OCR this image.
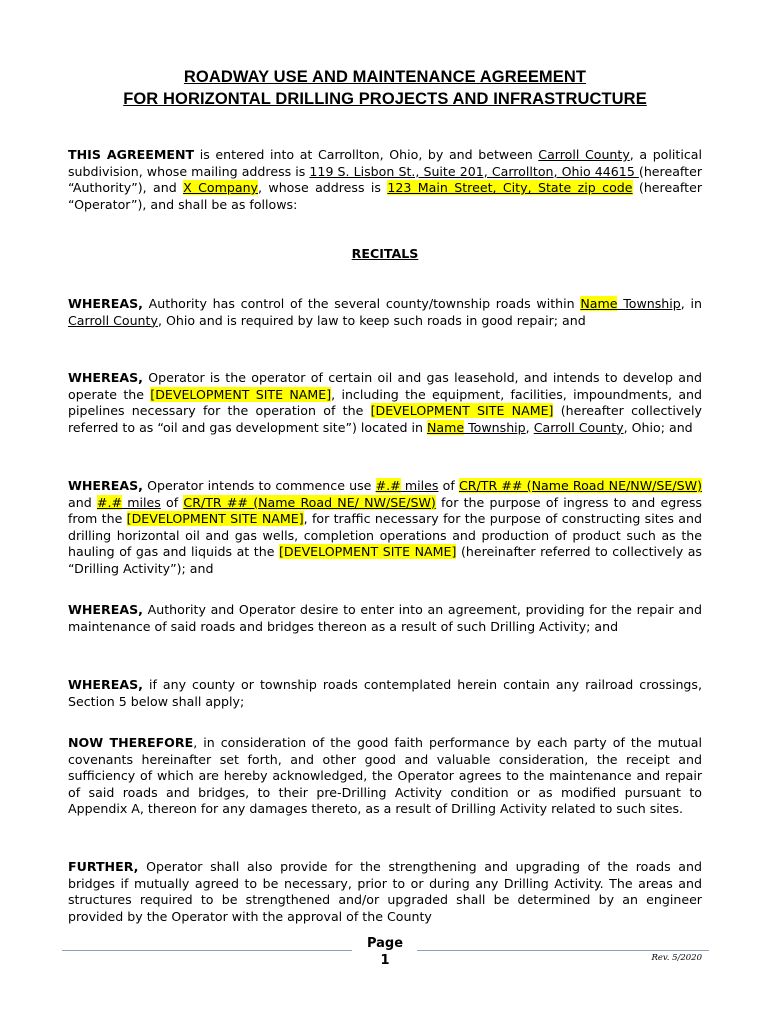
ROADWAY USE AND MAINTENANCE AGREEMENT
FOR HORIZONTAL DRILLING PROJECTS AND INFRASTRUCTURE
THIS AGREEMENT is entered into at Carrollton, Ohio, by and between Carroll County, a political subdivision, whose mailing address is 119 S. Lisbon St., Suite 201, Carrollton, Ohio 44615 (hereafter “Authority”), and X Company, whose address is 123 Main Street, City, State zip code (hereafter “Operator”), and shall be as follows:
RECITALS
WHEREAS, Authority has control of the several county/township roads within Name Township, in Carroll County, Ohio and is required by law to keep such roads in good repair; and
WHEREAS, Operator is the operator of certain oil and gas leasehold, and intends to develop and operate the [DEVELOPMENT SITE NAME], including the equipment, facilities, impoundments, and pipelines necessary for the operation of the [DEVELOPMENT SITE NAME] (hereafter collectively referred to as “oil and gas development site”) located in Name Township, Carroll County, Ohio; and
WHEREAS, Operator intends to commence use #.# miles of CR/TR ## (Name Road NE/NW/SE/SW) and #.# miles of CR/TR ## (Name Road NE/ NW/SE/SW) for the purpose of ingress to and egress from the [DEVELOPMENT SITE NAME], for traffic necessary for the purpose of constructing sites and drilling horizontal oil and gas wells, completion operations and production of product such as the hauling of gas and liquids at the [DEVELOPMENT SITE NAME] (hereinafter referred to collectively as “Drilling Activity”); and
WHEREAS, Authority and Operator desire to enter into an agreement, providing for the repair and maintenance of said roads and bridges thereon as a result of such Drilling Activity; and
WHEREAS, if any county or township roads contemplated herein contain any railroad crossings, Section 5 below shall apply;
NOW THEREFORE, in consideration of the good faith performance by each party of the mutual covenants hereinafter set forth, and other good and valuable consideration, the receipt and sufficiency of which are hereby acknowledged, the Operator agrees to the maintenance and repair of said roads and bridges, to their pre-Drilling Activity condition or as modified pursuant to Appendix A, thereon for any damages thereto, as a result of Drilling Activity related to such sites.
FURTHER, Operator shall also provide for the strengthening and upgrading of the roads and bridges if mutually agreed to be necessary, prior to or during any Drilling Activity. The areas and structures required to be strengthened and/or upgraded shall be determined by an engineer provided by the Operator with the approval of the County
Page
1	Rev. 5/2020
